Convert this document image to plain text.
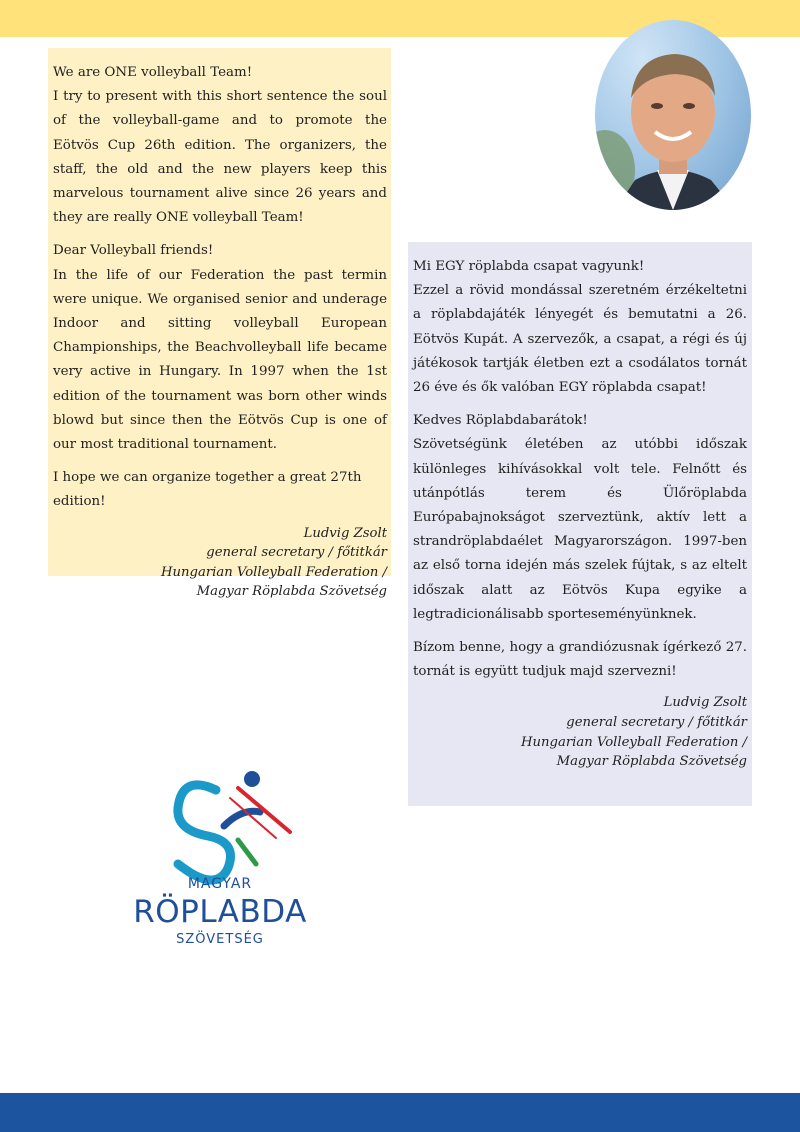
We are ONE volleyball Team!
I try to present with this short sentence the soul of the volleyball-game and to promote the Eötvös Cup 26th edition. The organizers, the staff, the old and the new players keep this marvelous tournament alive since 26 years and they are really ONE volleyball Team!

Dear Volleyball friends!
In the life of our Federation the past termin were unique. We organised senior and underage Indoor and sitting volleyball European Championships, the Beachvolleyball life became very active in Hungary. In 1997 when the 1st edition of the tournament was born other winds blowd but since then the Eötvös Cup is one of our most traditional tournament.

I hope we can organize together a great 27th edition!

Ludvig Zsolt
general secretary / főtitkár
Hungarian Volleyball Federation /
Magyar Röplabda Szövetség

Mi EGY röplabda csapat vagyunk!
Ezzel a rövid mondással szeretném érzékeltetni a röplabdajáték lényegét és bemutatni a 26. Eötvös Kupát. A szervezők, a csapat, a régi és új játékosok tartják életben ezt a csodálatos tornát 26 éve és ők valóban EGY röplabda csapat!

Kedves Röplabdabarátok!
Szövetségünk életében az utóbbi időszak különleges kihívásokkal volt tele. Felnőtt és utánpótlás terem és Ülőröplabda Európabajnokságot szerveztünk, aktív lett a strandröplabdaélet Magyarországon. 1997-ben az első torna idején más szelek fújtak, s az eltelt időszak alatt az Eötvös Kupa egyike a legtradicionálisabb sporteseményünknek.

Bízom benne, hogy a grandiózusnak ígérkező 27. tornát is együtt tudjuk majd szervezni!

Ludvig Zsolt
general secretary / főtitkár
Hungarian Volleyball Federation /
Magyar Röplabda Szövetség
MAGYAR
RÖPLABDA
SZÖVETSÉG
